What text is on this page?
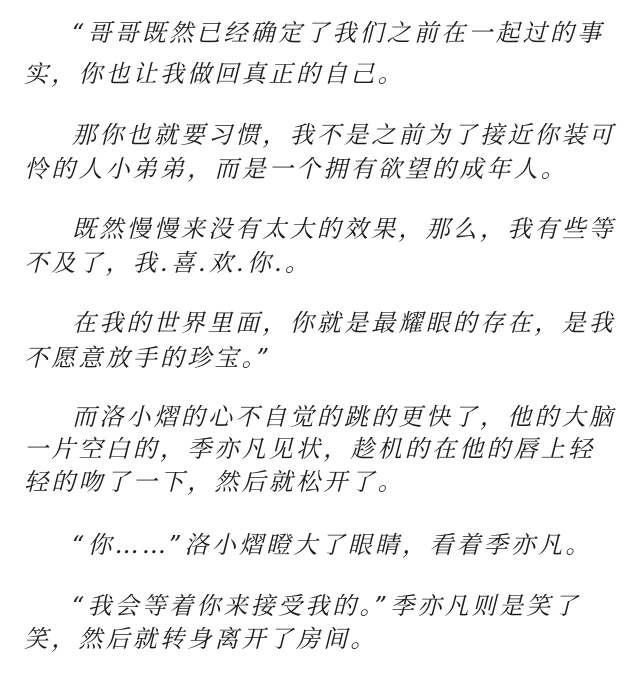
“哥哥既然已经确定了我们之前在一起过的事
实，你也让我做回真正的自己。
那你也就要习惯，我不是之前为了接近你装可
怜的人小弟弟，而是一个拥有欲望的成年人。
既然慢慢来没有太大的效果，那么，我有些等
不及了，我.喜.欢.你.。
在我的世界里面，你就是最耀眼的存在，是我
不愿意放手的珍宝。”
而洛小熠的心不自觉的跳的更快了，他的大脑
一片空白的，季亦凡见状，趁机的在他的唇上轻
轻的吻了一下，然后就松开了。
“你……”洛小熠瞪大了眼睛，看着季亦凡。
“我会等着你来接受我的。”季亦凡则是笑了
笑，然后就转身离开了房间。
